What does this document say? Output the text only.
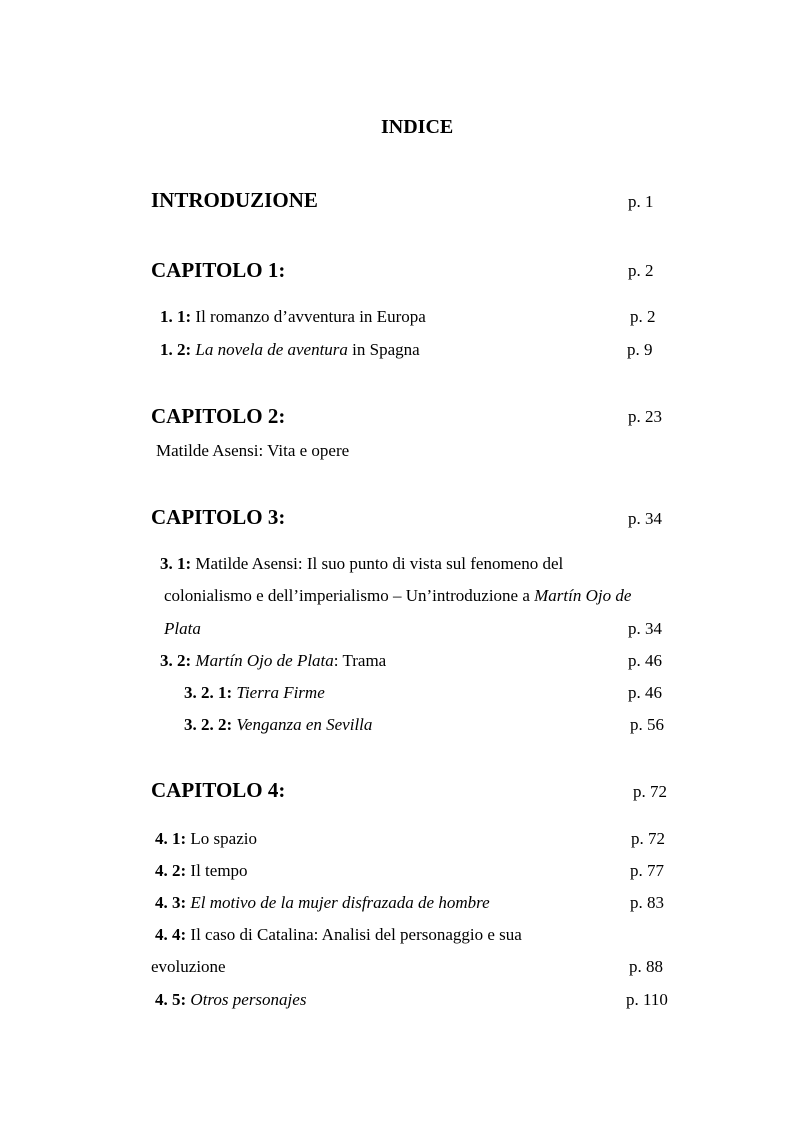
INDICE
INTRODUZIONE	p. 1
CAPITOLO 1:	p. 2
1. 1: Il romanzo d’avventura in Europa	p. 2
1. 2: La novela de aventura in Spagna	p. 9
CAPITOLO 2:	p. 23
Matilde Asensi: Vita e opere
CAPITOLO 3:	p. 34
3. 1: Matilde Asensi: Il suo punto di vista sul fenomeno del
colonialismo e dell’imperialismo – Un’introduzione a Martín Ojo de
Plata	p. 34
3. 2: Martín Ojo de Plata: Trama	p. 46
3. 2. 1: Tierra Firme	p. 46
3. 2. 2: Venganza en Sevilla	p. 56
CAPITOLO 4:	p. 72
4. 1: Lo spazio	p. 72
4. 2: Il tempo	p. 77
4. 3: El motivo de la mujer disfrazada de hombre	p. 83
4. 4: Il caso di Catalina: Analisi del personaggio e sua
evoluzione	p. 88
4. 5: Otros personajes	p. 110
